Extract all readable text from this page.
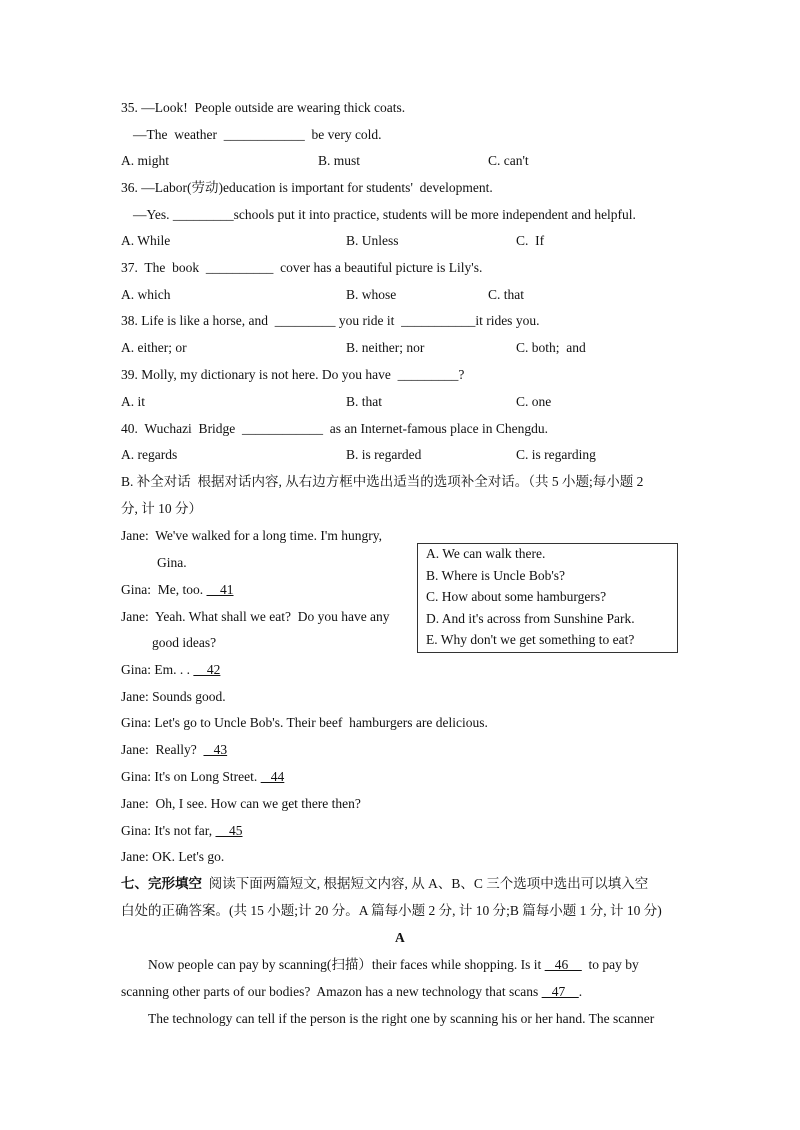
35. —Look!  People outside are wearing thick coats.
—The  weather  ____________  be very cold.
A. might	B. must	C. can't
36. —Labor(劳动)education is important for students'  development.
—Yes. _________schools put it into practice, students will be more independent and helpful.
A. While	B. Unless	C.  If
37.  The  book  __________  cover has a beautiful picture is Lily's.
A. which	B. whose	C. that
38. Life is like a horse, and  _________ you ride it  ___________it rides you.
A. either; or	B. neither; nor	C. both;  and
39. Molly, my dictionary is not here. Do you have  _________?
A. it	B. that	C. one
40.  Wuchazi  Bridge  ____________  as an Internet-famous place in Chengdu.
A. regards	B. is regarded	C. is regarding
B. 补全对话  根据对话内容, 从右边方框中选出适当的选项补全对话。（共 5 小题;每小题 2
分, 计 10 分）
Jane:  We've walked for a long time. I'm hungry,
Gina.
Gina:  Me, too.     41
Jane:  Yeah. What shall we eat?  Do you have any
good ideas?
Gina: Em. . .     42
Jane: Sounds good.
Gina: Let's go to Uncle Bob's. Their beef  hamburgers are delicious.
Jane:  Really?     43
Gina: It's on Long Street.    44
Jane:  Oh, I see. How can we get there then?
Gina: It's not far,     45
Jane: OK. Let's go.
A. We can walk there.
B. Where is Uncle Bob's?
C. How about some hamburgers?
D. And it's across from Sunshine Park.
E. Why don't we get something to eat?
七、完形填空  阅读下面两篇短文, 根据短文内容, 从 A、B、C 三个选项中选出可以填入空
白处的正确答案。(共 15 小题;计 20 分。A 篇每小题 2 分, 计 10 分;B 篇每小题 1 分, 计 10 分)
A
Now people can pay by scanning(扫描）their faces while shopping. Is it    46      to pay by
scanning other parts of our bodies?  Amazon has a new technology that scans    47    .
The technology can tell if the person is the right one by scanning his or her hand. The scanner
